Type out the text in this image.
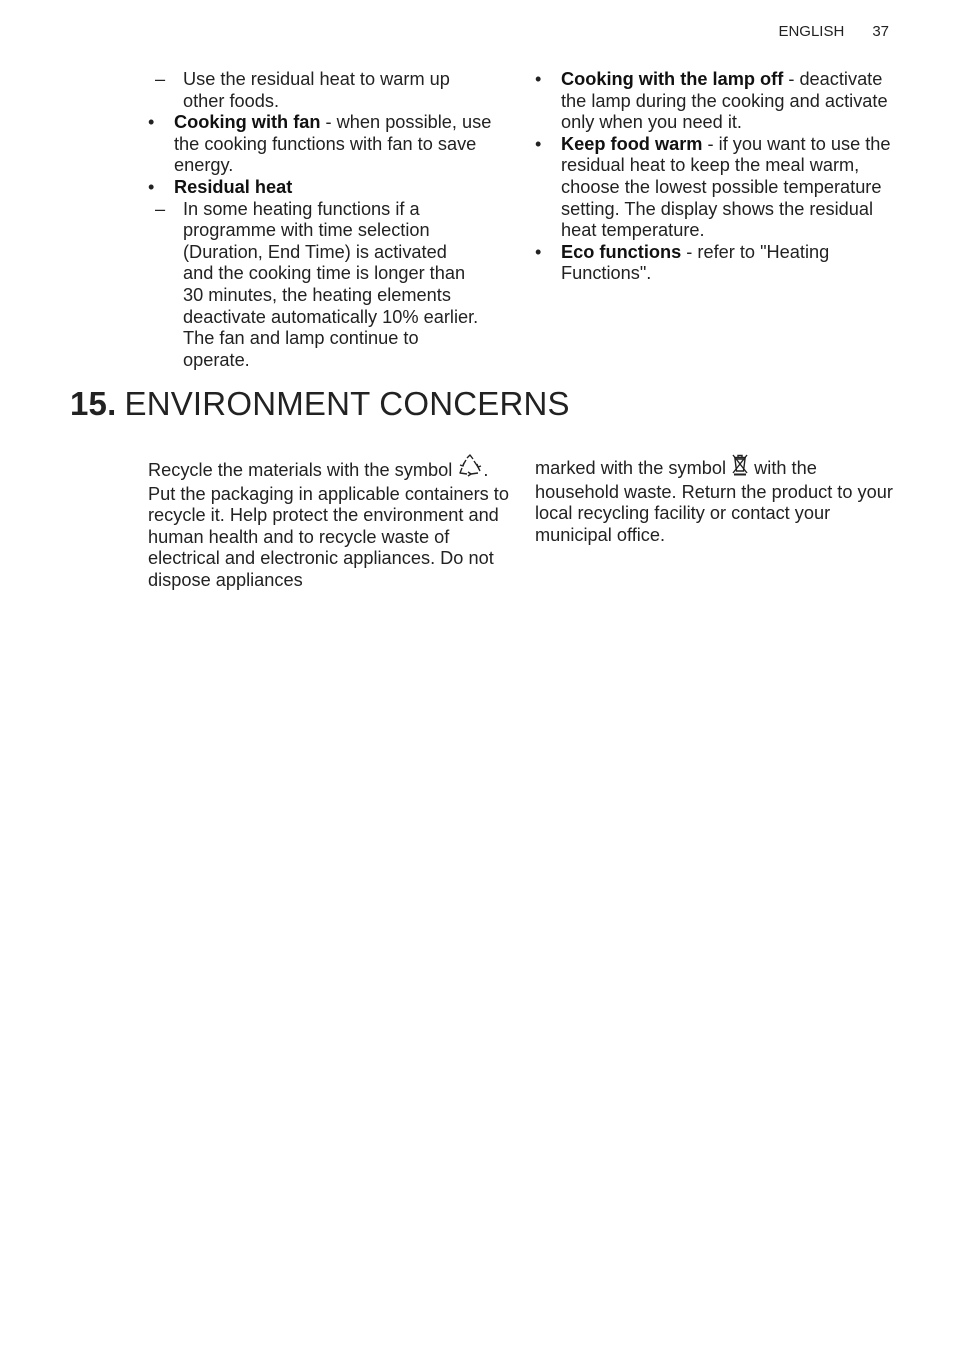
ENGLISH 37
– Use the residual heat to warm up other foods.
•	Cooking with fan - when possible, use the cooking functions with fan to save energy.
•	Residual heat
– In some heating functions if a programme with time selection (Duration, End Time) is activated and the cooking time is longer than 30 minutes, the heating elements deactivate automatically 10% earlier. The fan and lamp continue to operate.
•	Cooking with the lamp off - deactivate the lamp during the cooking and activate only when you need it.
•	Keep food warm - if you want to use the residual heat to keep the meal warm, choose the lowest possible temperature setting. The display shows the residual heat temperature.
•	Eco functions - refer to "Heating Functions".
15. ENVIRONMENT CONCERNS
Recycle the materials with the symbol . Put the packaging in applicable containers to recycle it. Help protect the environment and human health and to recycle waste of electrical and electronic appliances. Do not dispose appliances
marked with the symbol  with the household waste. Return the product to your local recycling facility or contact your municipal office.
